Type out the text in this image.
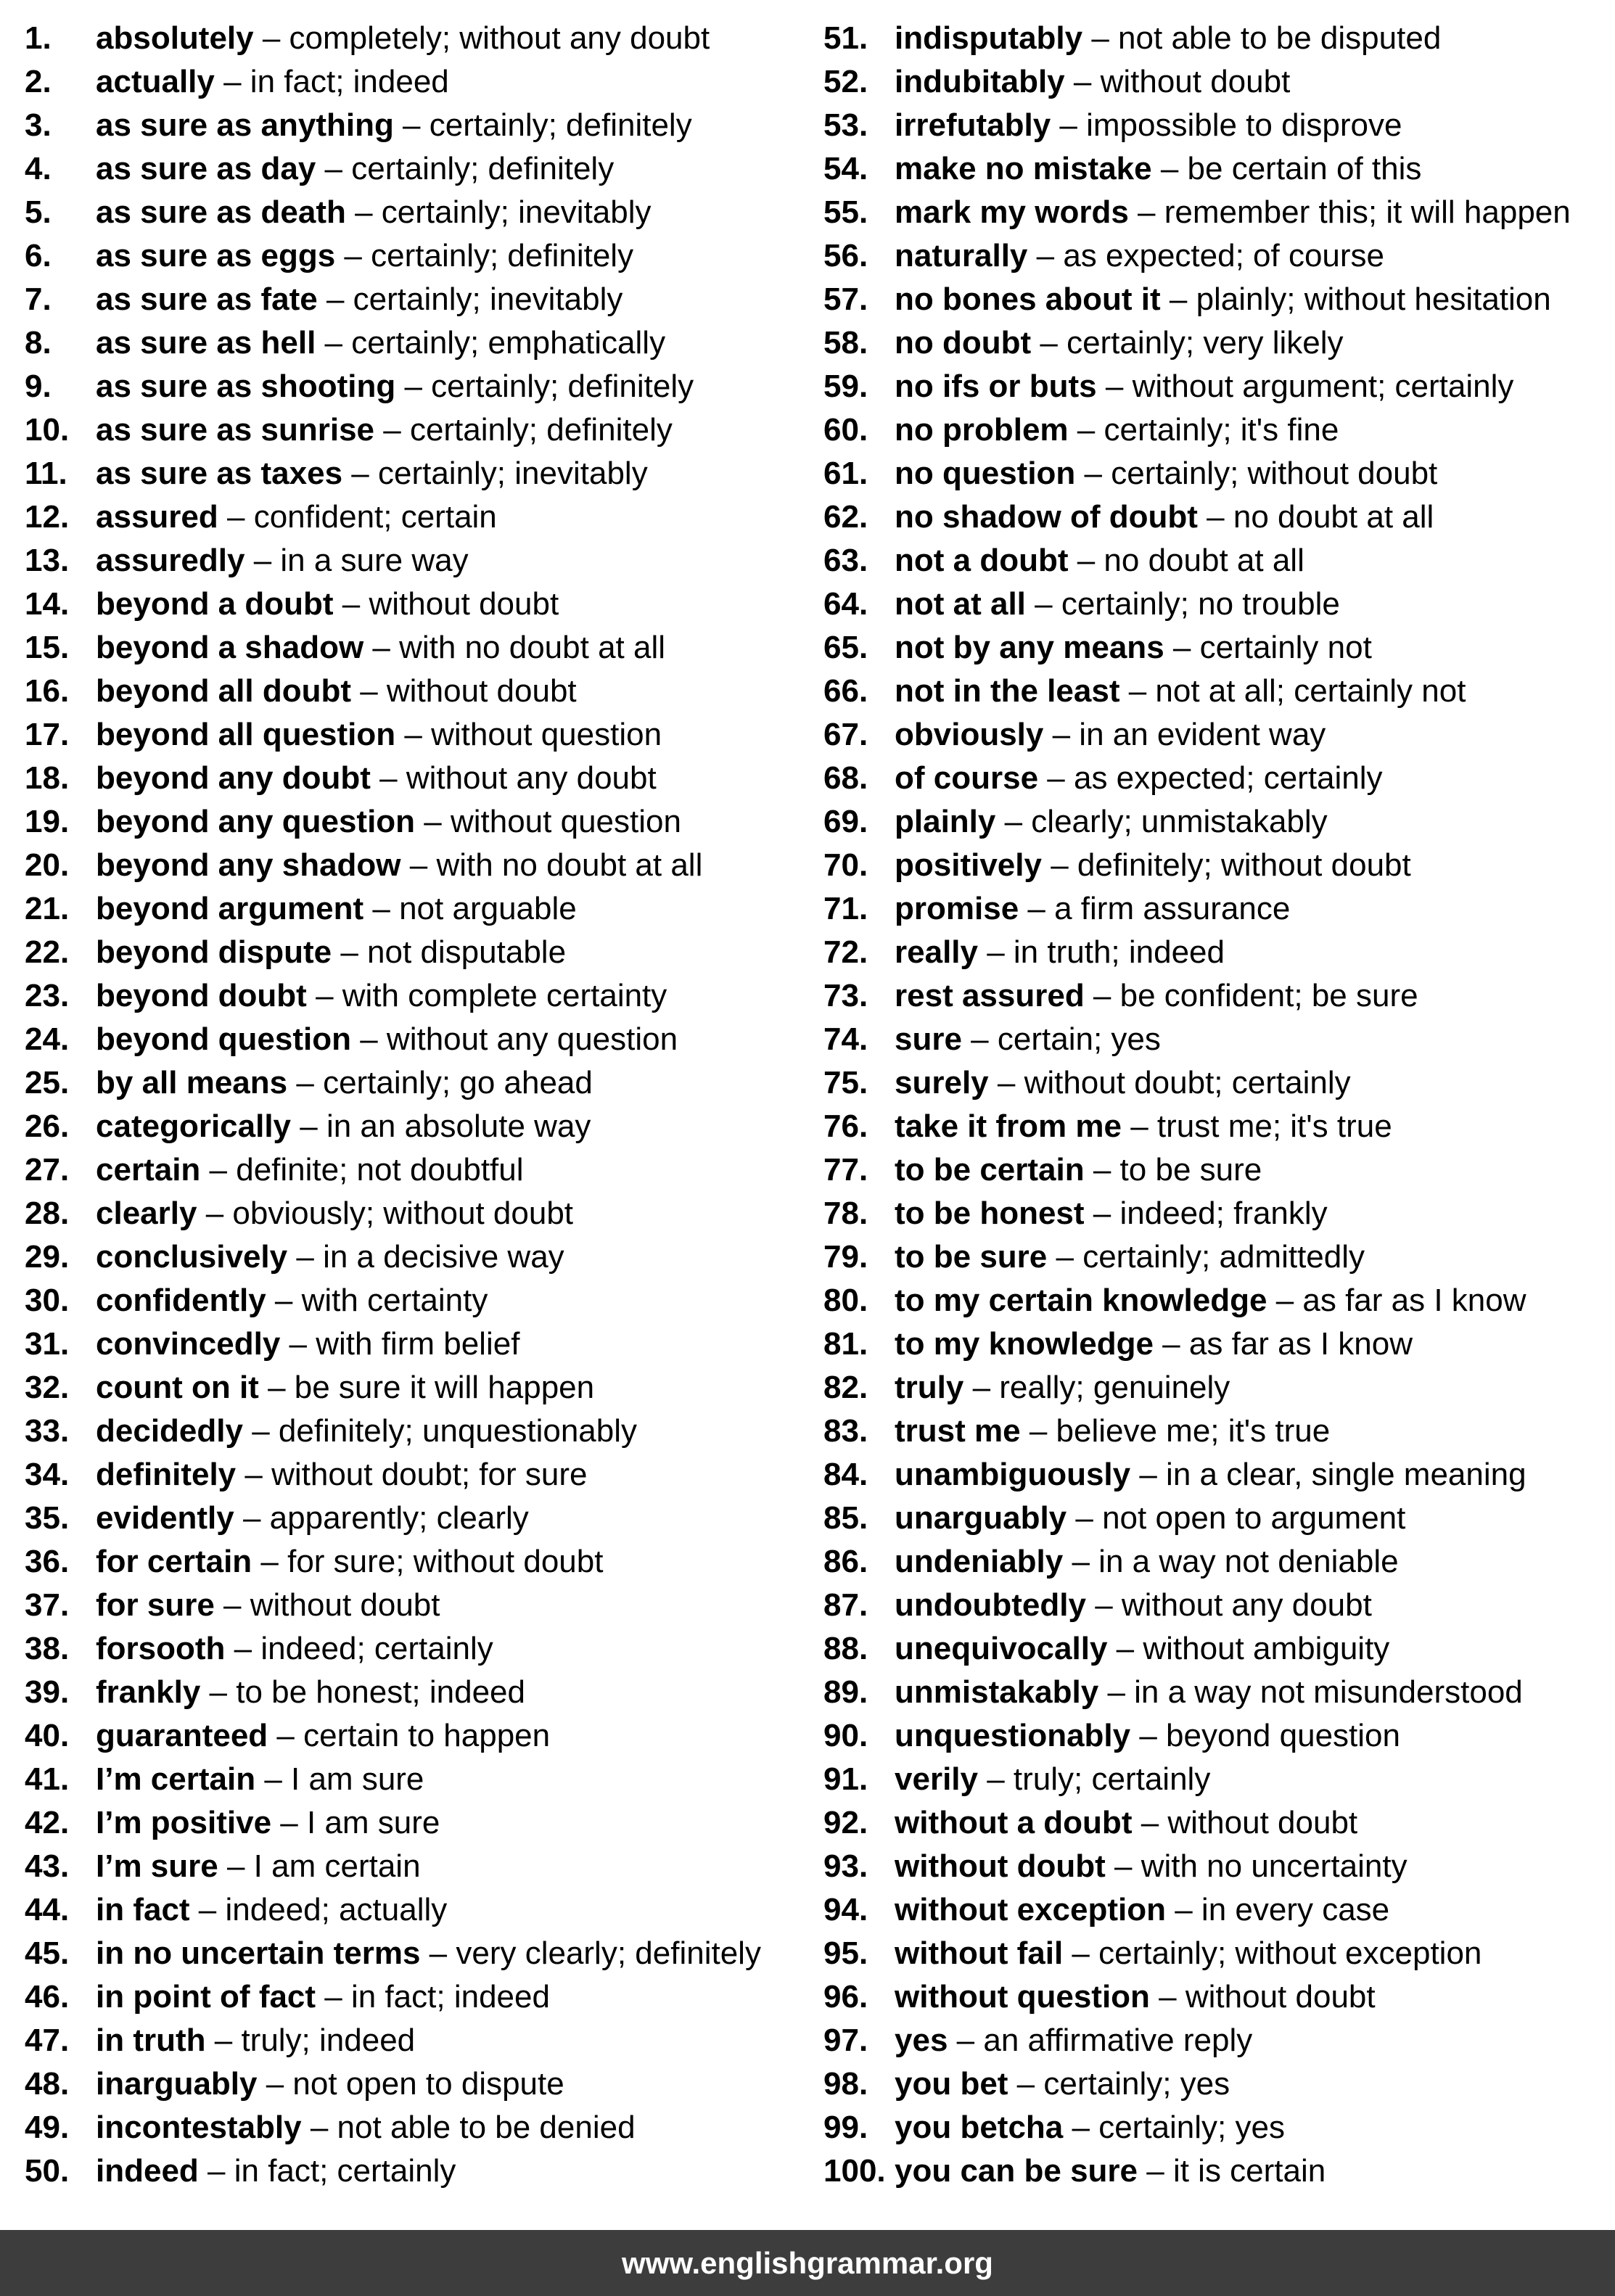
1.	absolutely – completely; without any doubt
2.	actually – in fact; indeed
3.	as sure as anything – certainly; definitely
4.	as sure as day – certainly; definitely
5.	as sure as death – certainly; inevitably
6.	as sure as eggs – certainly; definitely
7.	as sure as fate – certainly; inevitably
8.	as sure as hell – certainly; emphatically
9.	as sure as shooting – certainly; definitely
10. as sure as sunrise – certainly; definitely
11. as sure as taxes – certainly; inevitably
12. assured – confident; certain
13. assuredly – in a sure way
14. beyond a doubt – without doubt
15. beyond a shadow – with no doubt at all
16. beyond all doubt – without doubt
17. beyond all question – without question
18. beyond any doubt – without any doubt
19. beyond any question – without question
20. beyond any shadow – with no doubt at all
21. beyond argument – not arguable
22. beyond dispute – not disputable
23. beyond doubt – with complete certainty
24. beyond question – without any question
25. by all means – certainly; go ahead
26. categorically – in an absolute way
27. certain – definite; not doubtful
28. clearly – obviously; without doubt
29. conclusively – in a decisive way
30. confidently – with certainty
31. convincedly – with firm belief
32. count on it – be sure it will happen
33. decidedly – definitely; unquestionably
34. definitely – without doubt; for sure
35. evidently – apparently; clearly
36. for certain – for sure; without doubt
37. for sure – without doubt
38. forsooth – indeed; certainly
39. frankly – to be honest; indeed
40. guaranteed – certain to happen
41. I’m certain – I am sure
42. I’m positive – I am sure
43. I’m sure – I am certain
44. in fact – indeed; actually
45. in no uncertain terms – very clearly; definitely
46. in point of fact – in fact; indeed
47. in truth – truly; indeed
48. inarguably – not open to dispute
49. incontestably – not able to be denied
50. indeed – in fact; certainly
51. indisputably – not able to be disputed
52. indubitably – without doubt
53. irrefutably – impossible to disprove
54. make no mistake – be certain of this
55. mark my words – remember this; it will happen
56. naturally – as expected; of course
57. no bones about it – plainly; without hesitation
58. no doubt – certainly; very likely
59. no ifs or buts – without argument; certainly
60. no problem – certainly; it's fine
61. no question – certainly; without doubt
62. no shadow of doubt – no doubt at all
63. not a doubt – no doubt at all
64. not at all – certainly; no trouble
65. not by any means – certainly not
66. not in the least – not at all; certainly not
67. obviously – in an evident way
68. of course – as expected; certainly
69. plainly – clearly; unmistakably
70. positively – definitely; without doubt
71. promise – a firm assurance
72. really – in truth; indeed
73. rest assured – be confident; be sure
74. sure – certain; yes
75. surely – without doubt; certainly
76. take it from me – trust me; it's true
77. to be certain – to be sure
78. to be honest – indeed; frankly
79. to be sure – certainly; admittedly
80. to my certain knowledge – as far as I know
81. to my knowledge – as far as I know
82. truly – really; genuinely
83. trust me – believe me; it's true
84. unambiguously – in a clear, single meaning
85. unarguably – not open to argument
86. undeniably – in a way not deniable
87. undoubtedly – without any doubt
88. unequivocally – without ambiguity
89. unmistakably – in a way not misunderstood
90. unquestionably – beyond question
91. verily – truly; certainly
92. without a doubt – without doubt
93. without doubt – with no uncertainty
94. without exception – in every case
95. without fail – certainly; without exception
96. without question – without doubt
97. yes – an affirmative reply
98. you bet – certainly; yes
99. you betcha – certainly; yes
100. you can be sure – it is certain
www.englishgrammar.org
